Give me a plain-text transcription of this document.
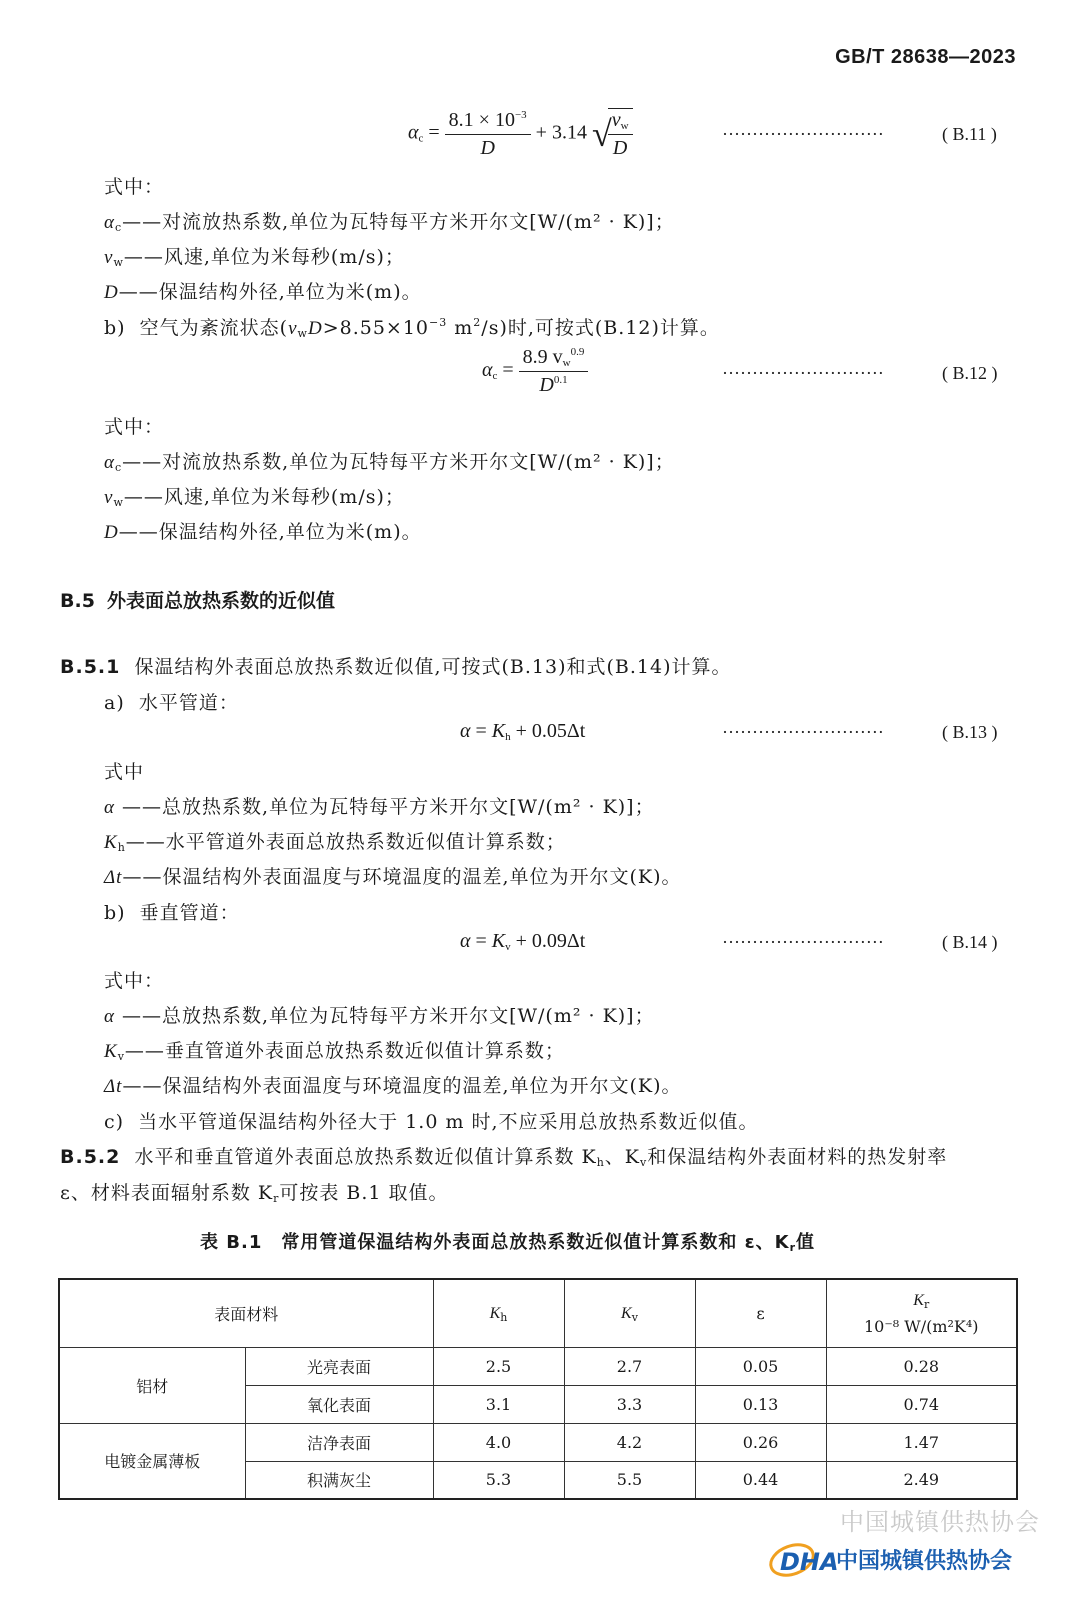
GB/T 28638—2023
$\alpha_c = \frac{8.1 \times 10^{-3}}{D} + 3.14$ √
$\frac{v_w}{D}$	···························	( B.11 )
式中：
$\alpha_c——$对流放热系数,单位为瓦特每平方米开尔文[W/(m² · K)]；
$v_w——$风速,单位为米每秒(m/s)；
D——保温结构外径,单位为米(m)。
b) 空气为紊流状态($v_wD>8.55\times 10^{-3}$ $m^2/s$)时,可按式(B.12)计算。
$\alpha_c = \frac{8.9 v_w^{0.9}}{D^{0.1}}$	···························	( B.12 )
式中：
$\alpha_c——$对流放热系数,单位为瓦特每平方米开尔文[W/(m² · K)]；
$v_w——$风速,单位为米每秒(m/s)；
D——保温结构外径,单位为米(m)。
B.5 外表面总放热系数的近似值
B.5.1 保温结构外表面总放热系数近似值,可按式(B.13)和式(B.14)计算。
a) 水平管道：
$\alpha = K_h + 0.05\Delta t$	···························	( B.13 )
式中
α ——总放热系数,单位为瓦特每平方米开尔文[W/(m² · K)]；
$K_h——$水平管道外表面总放热系数近似值计算系数；
Δt——保温结构外表面温度与环境温度的温差,单位为开尔文(K)。
b) 垂直管道：
$\alpha = K_v + 0.09\Delta t$	···························	( B.14 )
式中：
α ——总放热系数,单位为瓦特每平方米开尔文[W/(m² · K)]；
$K_v——$垂直管道外表面总放热系数近似值计算系数；
Δt——保温结构外表面温度与环境温度的温差,单位为开尔文(K)。
c) 当水平管道保温结构外径大于 1.0 m 时,不应采用总放热系数近似值。
B.5.2 水平和垂直管道外表面总放热系数近似值计算系数 $K_h$、$K_v$和保温结构外表面材料的热发射率
ε、材料表面辐射系数 $K_r$可按表 B.1 取值。
表 B.1　常用管道保温结构外表面总放热系数近似值计算系数和 ε、$K_r$值
表面材料		$K_h$	$K_v$	ε	$K_r$
10⁻⁸ W/(m²K⁴)

铝材	光亮表面	2.5	2.7	0.05	0.28
	氧化表面	3.1	3.3	0.13	0.74
电镀金属薄板	洁净表面	4.0	4.2	0.26	1.47
	积满灰尘	5.3	5.5	0.44	2.49
中国城镇供热协会
DHA
中国城镇供热协会
